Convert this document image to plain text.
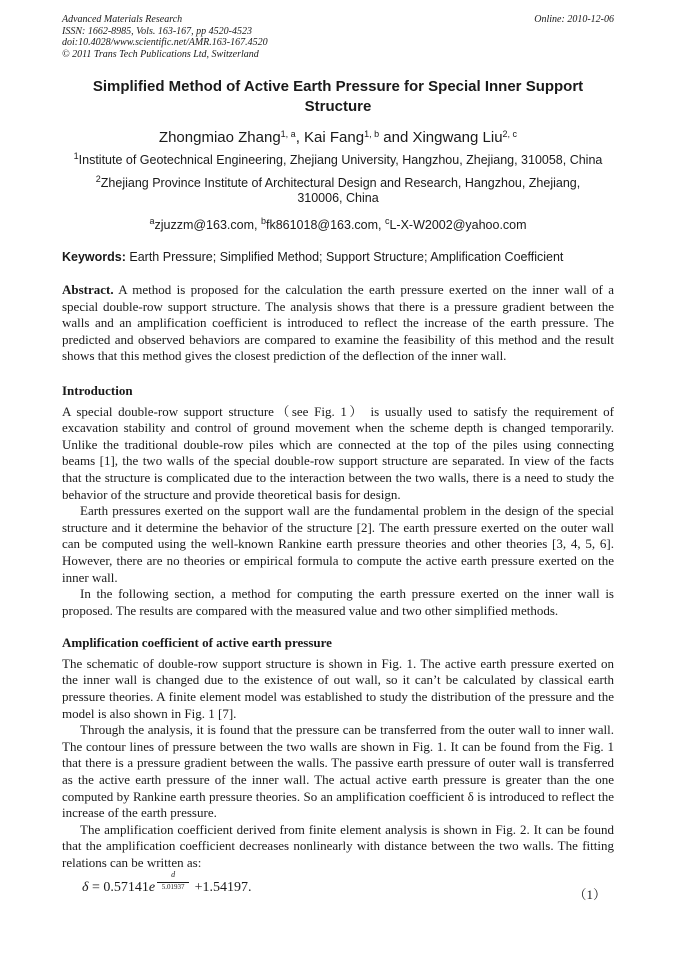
Advanced Materials Research
ISSN: 1662-8985, Vols. 163-167, pp 4520-4523
doi:10.4028/www.scientific.net/AMR.163-167.4520
© 2011 Trans Tech Publications Ltd, Switzerland
Online: 2010-12-06
Simplified Method of Active Earth Pressure for Special Inner Support Structure
Zhongmiao Zhang$^{1, a}$, Kai Fang$^{1, b}$ and Xingwang Liu$^{2, c}$
$^1$Institute of Geotechnical Engineering, Zhejiang University, Hangzhou, Zhejiang, 310058, China
$^2$Zhejiang Province Institute of Architectural Design and Research, Hangzhou, Zhejiang, 310006, China
$^a$zjuzzm@163.com, $^b$fk861018@163.com, $^c$L-X-W2002@yahoo.com
Keywords: Earth Pressure; Simplified Method; Support Structure; Amplification Coefficient

Abstract. A method is proposed for the calculation the earth pressure exerted on the inner wall of a special double-row support structure. The analysis shows that there is a pressure gradient between the walls and an amplification coefficient is introduced to reflect the increase of the earth pressure. The predicted and observed behaviors are compared to examine the feasibility of this method and the result shows that this method gives the closest prediction of the deflection of the inner wall.

Introduction

A special double-row support structure（see Fig. 1） is usually used to satisfy the requirement of excavation stability and control of ground movement when the scheme depth is changed temporarily. Unlike the traditional double-row piles which are connected at the top of the piles using connecting beams [1], the two walls of the special double-row support structure are separated. In view of the facts that the structure is complicated due to the interaction between the two walls, there is a need to study the behavior of the structure and provide theoretical basis for design.

Earth pressures exerted on the support wall are the fundamental problem in the design of the special structure and it determine the behavior of the structure [2]. The earth pressure exerted on the outer wall can be computed using the well-known Rankine earth pressure theories and other theories [3, 4, 5, 6]. However, there are no theories or empirical formula to compute the active earth pressure exerted on the inner wall.

In the following section, a method for computing the earth pressure exerted on the inner wall is proposed. The results are compared with the measured value and two other simplified methods.

Amplification coefficient of active earth pressure

The schematic of double-row support structure is shown in Fig. 1. The active earth pressure exerted on the inner wall is changed due to the existence of out wall, so it can’t be calculated by classical earth pressure theories. A finite element model was established to study the distribution of the pressure and the model is also shown in Fig. 1 [7].

Through the analysis, it is found that the pressure can be transferred from the outer wall to inner wall. The contour lines of pressure between the two walls are shown in Fig. 1. It can be found from the Fig. 1 that there is a pressure gradient between the walls. The passive earth pressure of outer wall is transferred as the active earth pressure of the inner wall. The actual active earth pressure is greater than the one computed by Rankine earth pressure theories. So an amplification coefficient δ is introduced to reflect the increase of the earth pressure.

The amplification coefficient derived from finite element analysis is shown in Fig. 2. It can be found that the amplification coefficient decreases nonlinearly with distance between the two walls. The fitting relations can be written as:

$\delta = 0.57141e \frac{d}{5.01937} +1.54197$.	（1）
